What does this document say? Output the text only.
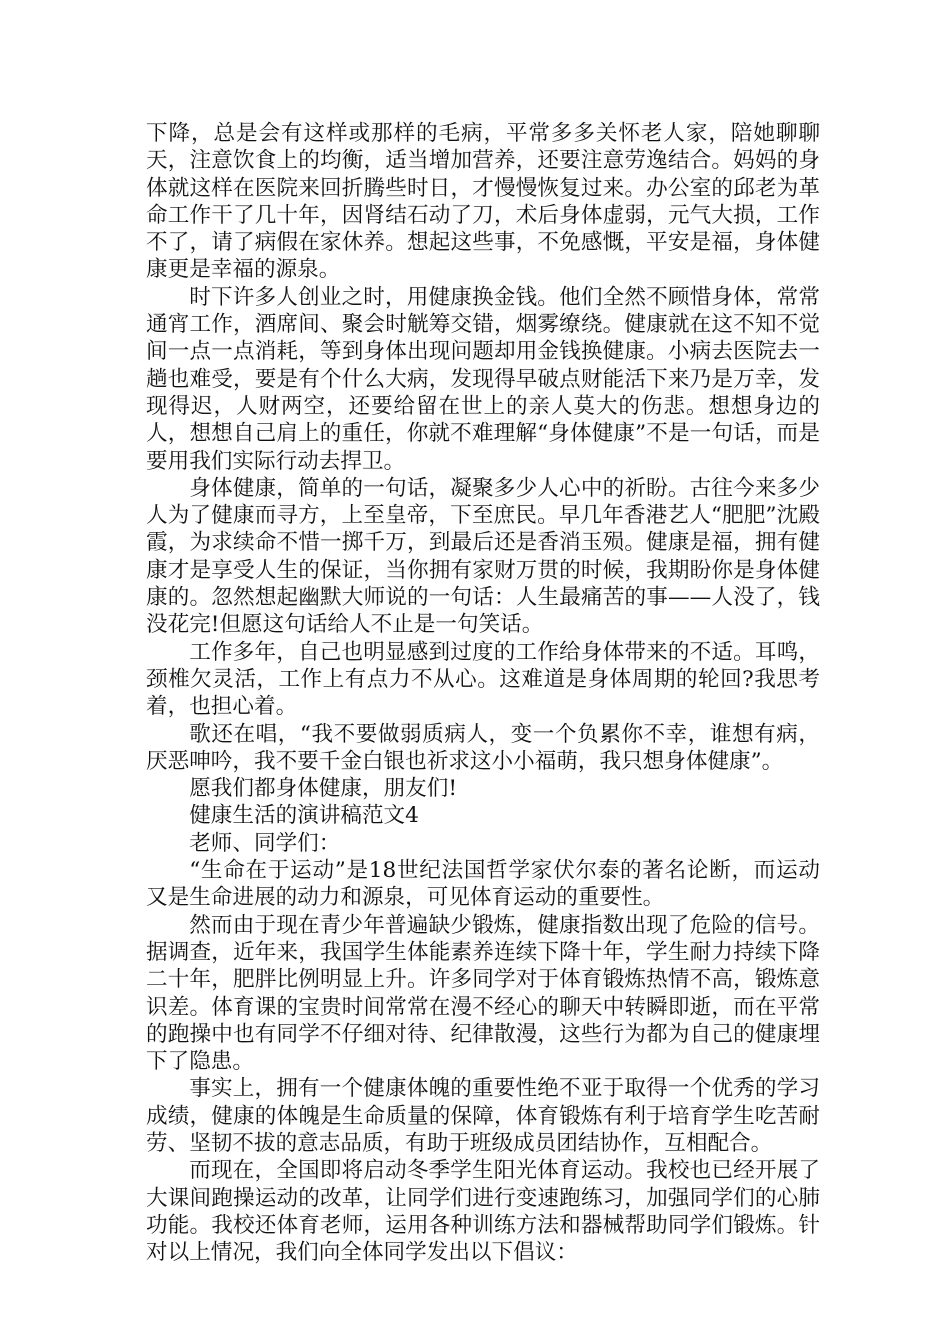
下降，总是会有这样或那样的毛病，平常多多关怀老人家，陪她聊聊天，注意饮食上的均衡，适当增加营养，还要注意劳逸结合。妈妈的身体就这样在医院来回折腾些时日，才慢慢恢复过来。办公室的邱老为革命工作干了几十年，因肾结石动了刀，术后身体虚弱，元气大损，工作不了，请了病假在家休养。想起这些事，不免感慨，平安是福，身体健康更是幸福的源泉。

时下许多人创业之时，用健康换金钱。他们全然不顾惜身体，常常通宵工作，酒席间、聚会时觥筹交错，烟雾缭绕。健康就在这不知不觉间一点一点消耗，等到身体出现问题却用金钱换健康。小病去医院去一趟也难受，要是有个什么大病，发现得早破点财能活下来乃是万幸，发现得迟，人财两空，还要给留在世上的亲人莫大的伤悲。想想身边的人，想想自己肩上的重任，你就不难理解“身体健康”不是一句话，而是要用我们实际行动去捍卫。

身体健康，简单的一句话，凝聚多少人心中的祈盼。古往今来多少人为了健康而寻方，上至皇帝，下至庶民。早几年香港艺人“肥肥”沈殿霞，为求续命不惜一掷千万，到最后还是香消玉殒。健康是福，拥有健康才是享受人生的保证，当你拥有家财万贯的时候，我期盼你是身体健康的。忽然想起幽默大师说的一句话：人生最痛苦的事——人没了，钱没花完!但愿这句话给人不止是一句笑话。

工作多年，自己也明显感到过度的工作给身体带来的不适。耳鸣，颈椎欠灵活，工作上有点力不从心。这难道是身体周期的轮回?我思考着，也担心着。

歌还在唱，“我不要做弱质病人，变一个负累你不幸，谁想有病，厌恶呻吟，我不要千金白银也祈求这小小福萌，我只想身体健康”。

愿我们都身体健康，朋友们!

健康生活的演讲稿范文4

老师、同学们：

“生命在于运动”是18世纪法国哲学家伏尔泰的著名论断，而运动又是生命进展的动力和源泉，可见体育运动的重要性。

然而由于现在青少年普遍缺少锻炼，健康指数出现了危险的信号。据调查，近年来，我国学生体能素养连续下降十年，学生耐力持续下降二十年，肥胖比例明显上升。许多同学对于体育锻炼热情不高，锻炼意识差。体育课的宝贵时间常常在漫不经心的聊天中转瞬即逝，而在平常的跑操中也有同学不仔细对待、纪律散漫，这些行为都为自己的健康埋下了隐患。

事实上，拥有一个健康体魄的重要性绝不亚于取得一个优秀的学习成绩，健康的体魄是生命质量的保障，体育锻炼有利于培育学生吃苦耐劳、坚韧不拔的意志品质，有助于班级成员团结协作，互相配合。

而现在，全国即将启动冬季学生阳光体育运动。我校也已经开展了大课间跑操运动的改革，让同学们进行变速跑练习，加强同学们的心肺功能。我校还体育老师，运用各种训练方法和器械帮助同学们锻炼。针对以上情况，我们向全体同学发出以下倡议：
